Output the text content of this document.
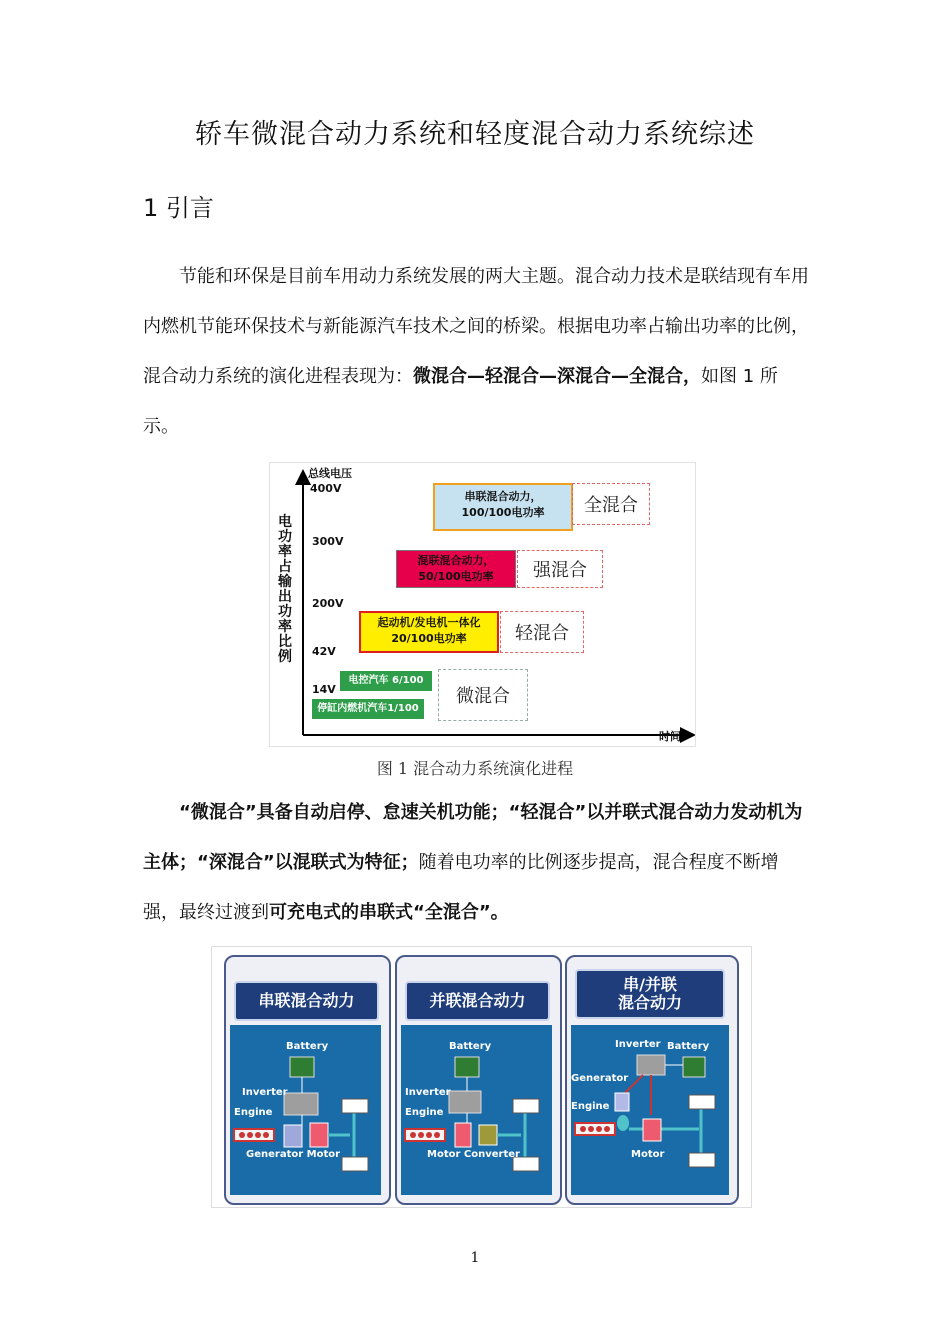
轿车微混合动力系统和轻度混合动力系统综述
1 引言
节能和环保是目前车用动力系统发展的两大主题。混合动力技术是联结现有车用内燃机节能环保技术与新能源汽车技术之间的桥梁。根据电功率占输出功率的比例，混合动力系统的演化进程表现为：微混合—轻混合—深混合—全混合，如图 1 所示。
电功率占输出功率比例
总线电压
400V
300V
200V
42V
14V
时间
串联混合动力，
100/100电功率	全混合
混联混合动力，
50/100电功率	强混合
起动机/发电机一体化
20/100电功率	轻混合
电控汽车 6/100
停缸内燃机汽车1/100
微混合
图 1 混合动力系统演化进程
“微混合”具备自动启停、怠速关机功能；“轻混合”以并联式混合动力发动机为主体；“深混合”以混联式为特征；随着电功率的比例逐步提高，混合程度不断增强，最终过渡到可充电式的串联式“全混合”。
串联混合动力
Battery
Inverter
Engine
Generator Motor
并联混合动力
Battery
Inverter
Engine
Motor Converter
串/并联
混合动力
Inverter Battery
Generator
Engine
Motor
1
